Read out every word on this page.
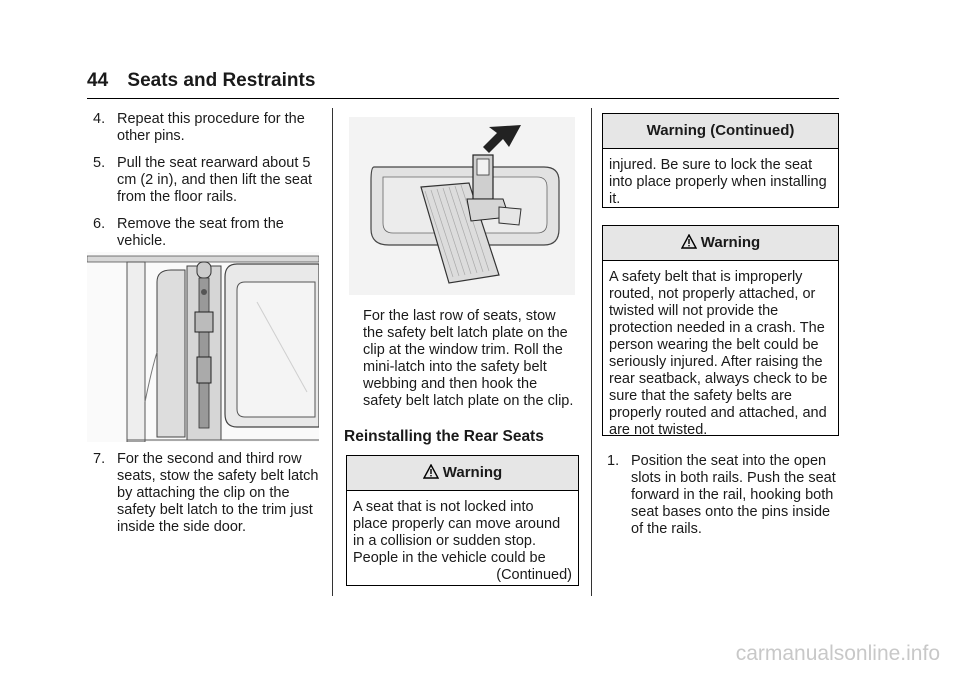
44 Seats and Restraints
4. Repeat this procedure for the other pins.
5. Pull the seat rearward about 5 cm (2 in), and then lift the seat from the floor rails.
6. Remove the seat from the vehicle.
7. For the second and third row seats, stow the safety belt latch by attaching the clip on the safety belt latch to the trim just inside the side door.
For the last row of seats, stow the safety belt latch plate on the clip at the window trim. Roll the mini-latch into the safety belt webbing and then hook the safety belt latch plate on the clip.
Reinstalling the Rear Seats
Warning
A seat that is not locked into place properly can move around in a collision or sudden stop. People in the vehicle could be
(Continued)
Warning (Continued)
injured. Be sure to lock the seat into place properly when installing it.
Warning
A safety belt that is improperly routed, not properly attached, or twisted will not provide the protection needed in a crash. The person wearing the belt could be seriously injured. After raising the rear seatback, always check to be sure that the safety belts are properly routed and attached, and are not twisted.
1. Position the seat into the open slots in both rails. Push the seat forward in the rail, hooking both seat bases onto the pins inside of the rails.
carmanualsonline.info
